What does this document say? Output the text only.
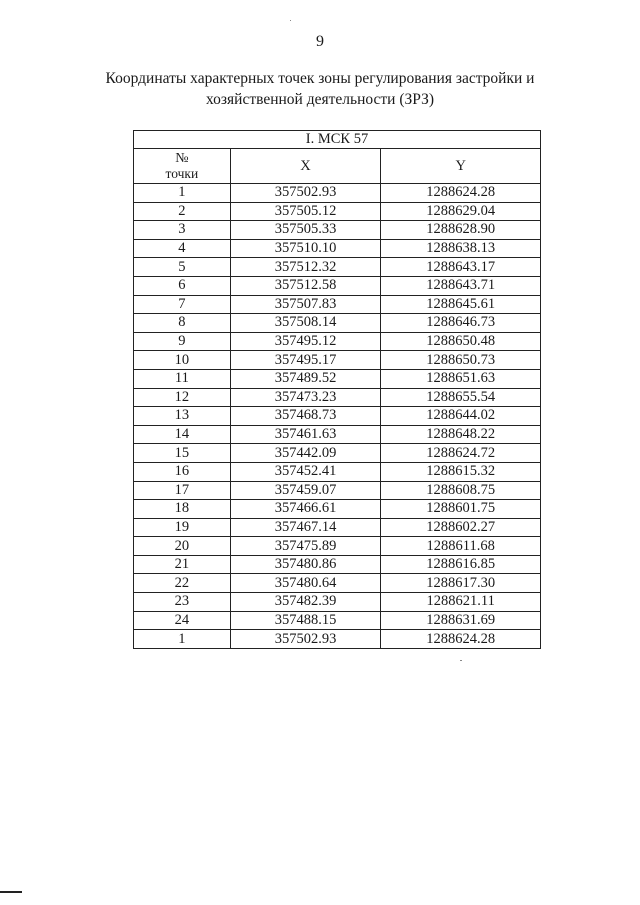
9
Координаты характерных точек зоны регулирования застройки и
хозяйственной деятельности (ЗРЗ)
I. МСК 57		

№
точки	X	Y
1	357502.93	1288624.28
2	357505.12	1288629.04
3	357505.33	1288628.90
4	357510.10	1288638.13
5	357512.32	1288643.17
6	357512.58	1288643.71
7	357507.83	1288645.61
8	357508.14	1288646.73
9	357495.12	1288650.48
10	357495.17	1288650.73
11	357489.52	1288651.63
12	357473.23	1288655.54
13	357468.73	1288644.02
14	357461.63	1288648.22
15	357442.09	1288624.72
16	357452.41	1288615.32
17	357459.07	1288608.75
18	357466.61	1288601.75
19	357467.14	1288602.27
20	357475.89	1288611.68
21	357480.86	1288616.85
22	357480.64	1288617.30
23	357482.39	1288621.11
24	357488.15	1288631.69
1	357502.93	1288624.28
